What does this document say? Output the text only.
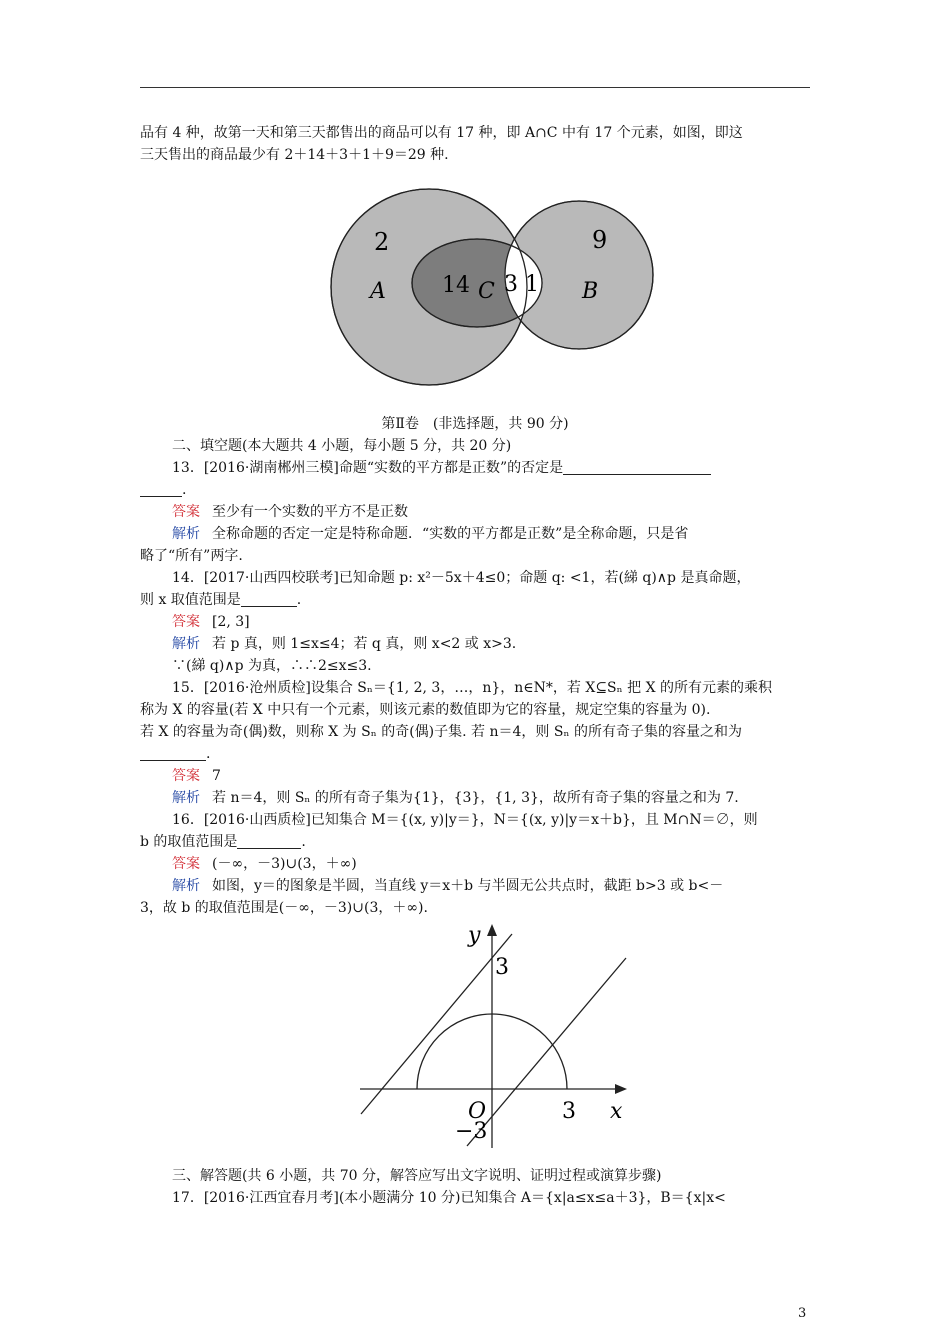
品有 4 种，故第一天和第三天都售出的商品可以有 17 种，即 A∩C 中有 17 个元素，如图，即这
三天售出的商品最少有 2＋14＋3＋1＋9＝29 种.
2
A	14 C 3 1
9
B
第Ⅱ卷　(非选择题，共 90 分)
二、填空题(本大题共 4 小题，每小题 5 分，共 20 分)
13．[2016·湖南郴州三模]命题“实数的平方都是正数”的否定是
.
答案 至少有一个实数的平方不是正数
解析 全称命题的否定一定是特称命题．“实数的平方都是正数”是全称命题，只是省
略了“所有”两字.
14．[2017·山西四校联考]已知命题 p: x²－5x＋4≤0；命题 q: <1，若(綈 q)∧p 是真命题，
则 x 取值范围是	.
答案 [2, 3]
解析 若 p 真，则 1≤x≤4；若 q 真，则 x<2 或 x>3.
∵(綈 q)∧p 为真，∴∴2≤x≤3.
15．[2016·沧州质检]设集合 Sₙ＝{1, 2, 3，…，n}，n∈N*，若 X⊆Sₙ 把 X 的所有元素的乘积
称为 X 的容量(若 X 中只有一个元素，则该元素的数值即为它的容量，规定空集的容量为 0).
若 X 的容量为奇(偶)数，则称 X 为 Sₙ 的奇(偶)子集. 若 n＝4，则 Sₙ 的所有奇子集的容量之和为
.
答案 7
解析 若 n＝4，则 Sₙ 的所有奇子集为{1}，{3}，{1, 3}，故所有奇子集的容量之和为 7.
16．[2016·山西质检]已知集合 M＝{(x, y)|y＝}，N＝{(x, y)|y＝x＋b}，且 M∩N＝∅，则
b 的取值范围是	.
答案 (－∞，－3)∪(3，＋∞)
解析 如图，y＝的图象是半圆，当直线 y＝x＋b 与半圆无公共点时，截距 b>3 或 b<－
3，故 b 的取值范围是(－∞，－3)∪(3，＋∞).
y
x
O
3
3
−3
三、解答题(共 6 小题，共 70 分，解答应写出文字说明、证明过程或演算步骤)
17．[2016·江西宜春月考](本小题满分 10 分)已知集合 A＝{x|a≤x≤a＋3}，B＝{x|x<
3
